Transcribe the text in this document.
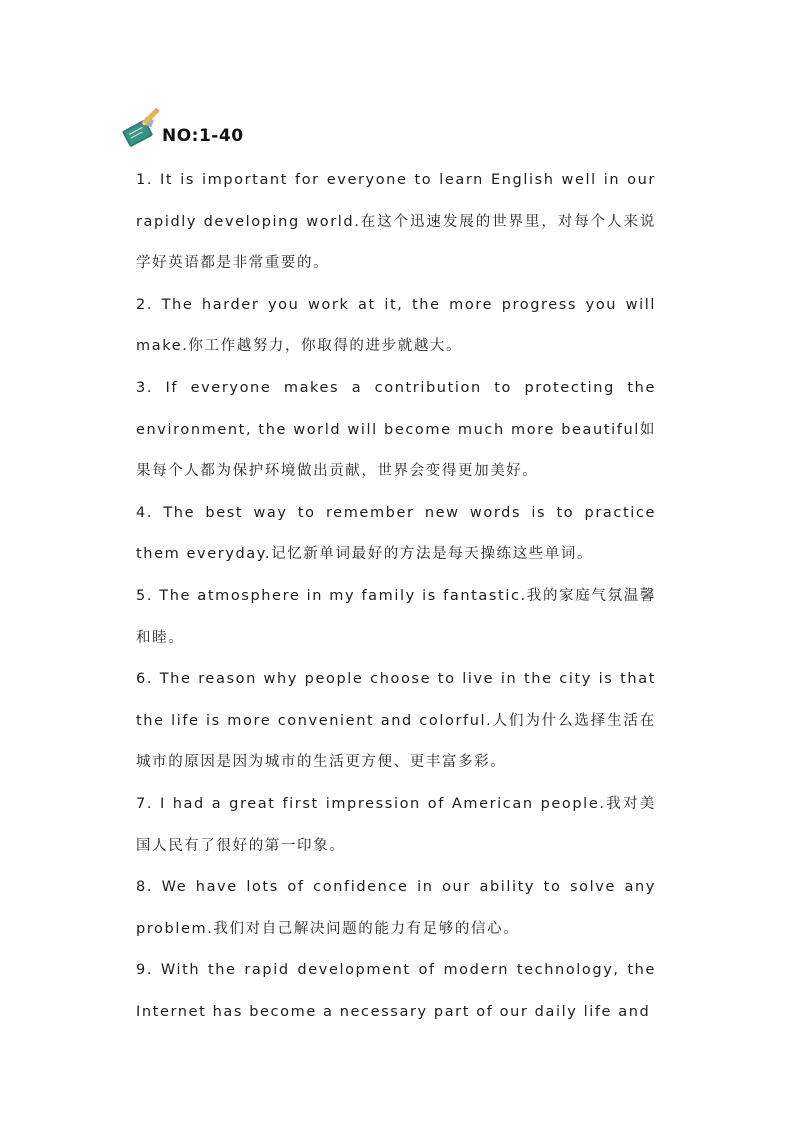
NO:1-40

1. It is important for everyone to learn English well in our rapidly developing world.在这个迅速发展的世界里，对每个人来说学好英语都是非常重要的。

2. The harder you work at it, the more progress you will make.你工作越努力，你取得的进步就越大。

3. If everyone makes a contribution to protecting the environment, the world will become much more beautiful如果每个人都为保护环境做出贡献，世界会变得更加美好。

4. The best way to remember new words is to practice them everyday.记忆新单词最好的方法是每天操练这些单词。

5. The atmosphere in my family is fantastic.我的家庭气氛温馨和睦。

6. The reason why people choose to live in the city is that the life is more convenient and colorful.人们为什么选择生活在城市的原因是因为城市的生活更方便、更丰富多彩。

7. I had a great first impression of American people.我对美国人民有了很好的第一印象。

8. We have lots of confidence in our ability to solve any problem.我们对自己解决问题的能力有足够的信心。

9. With the rapid development of modern technology, the Internet has become a necessary part of our daily life and
